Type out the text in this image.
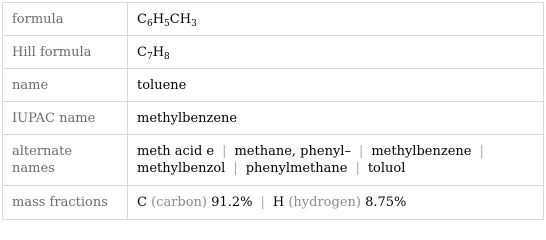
formula	$C_6H_5CH_3$
Hill formula	$C_7H_8$
name	toluene
IUPAC name	methylbenzene
alternate names	meth acid e | methane, phenyl– | methylbenzene |
methylbenzol | phenylmethane | toluol
mass fractions	C (carbon) 91.2% | H (hydrogen) 8.75%
